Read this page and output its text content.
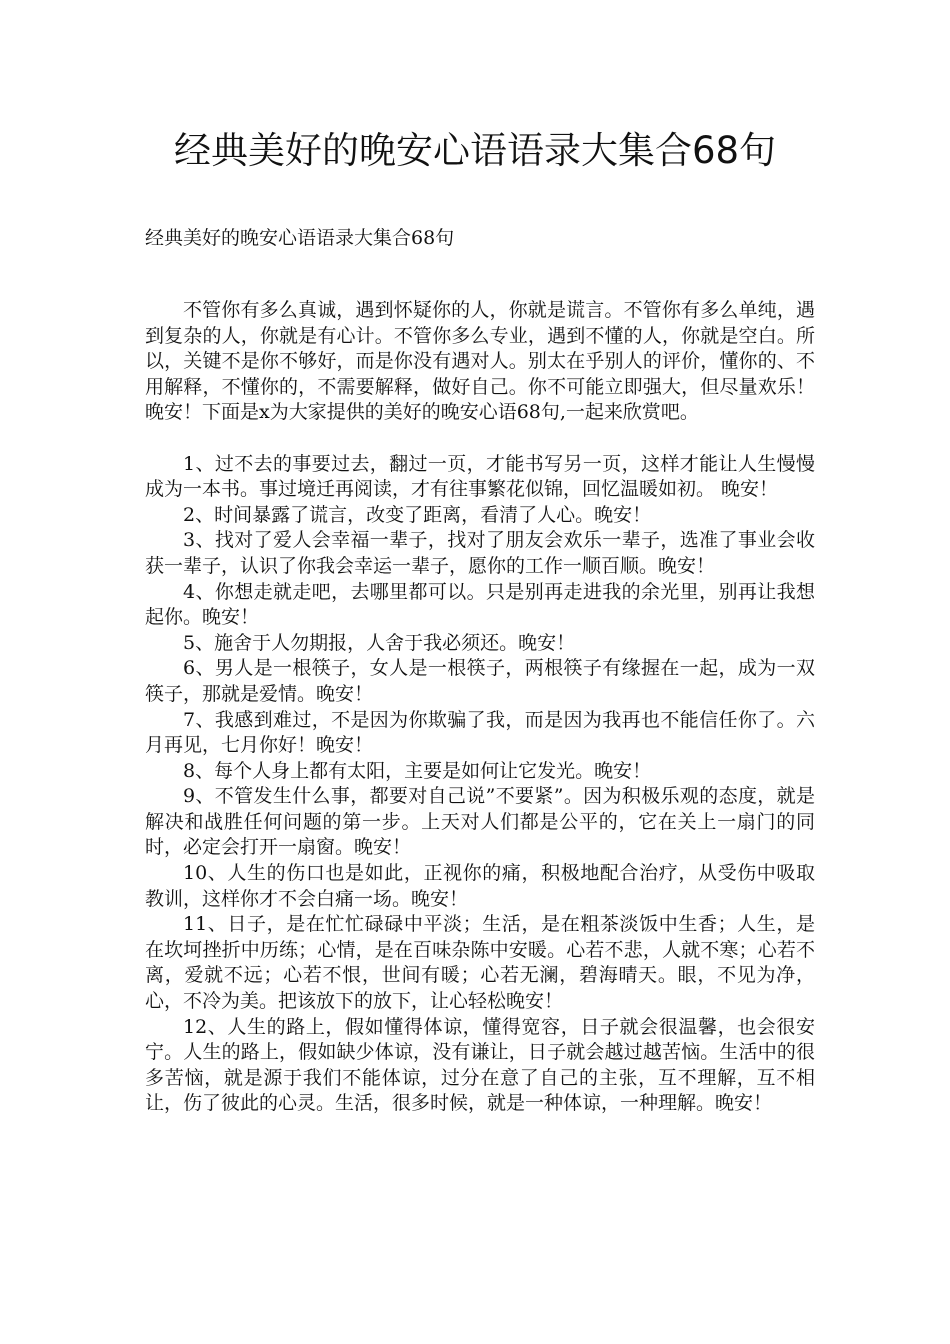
经典美好的晚安心语语录大集合68句

经典美好的晚安心语语录大集合68句

不管你有多么真诚，遇到怀疑你的人，你就是谎言。不管你有多么单纯，遇到复杂的人，你就是有心计。不管你多么专业，遇到不懂的人，你就是空白。所以，关键不是你不够好，而是你没有遇对人。别太在乎别人的评价，懂你的、不用解释，不懂你的，不需要解释，做好自己。你不可能立即强大，但尽量欢乐！晚安！下面是x为大家提供的美好的晚安心语68句,一起来欣赏吧。

1、过不去的事要过去，翻过一页，才能书写另一页，这样才能让人生慢慢成为一本书。事过境迁再阅读，才有往事繁花似锦，回忆温暖如初。 晚安！

2、时间暴露了谎言，改变了距离，看清了人心。晚安！

3、找对了爱人会幸福一辈子，找对了朋友会欢乐一辈子，选准了事业会收获一辈子，认识了你我会幸运一辈子，愿你的工作一顺百顺。晚安！

4、你想走就走吧，去哪里都可以。只是别再走进我的余光里，别再让我想起你。晚安！

5、施舍于人勿期报，人舍于我必须还。晚安！

6、男人是一根筷子，女人是一根筷子，两根筷子有缘握在一起，成为一双筷子，那就是爱情。晚安！

7、我感到难过，不是因为你欺骗了我，而是因为我再也不能信任你了。六月再见，七月你好！晚安！

8、每个人身上都有太阳，主要是如何让它发光。晚安！

9、不管发生什么事，都要对自己说”不要紧”。因为积极乐观的态度，就是解决和战胜任何问题的第一步。上天对人们都是公平的，它在关上一扇门的同时，必定会打开一扇窗。晚安！

10、人生的伤口也是如此，正视你的痛，积极地配合治疗，从受伤中吸取教训，这样你才不会白痛一场。晚安！

11、日子，是在忙忙碌碌中平淡；生活，是在粗茶淡饭中生香；人生，是在坎坷挫折中历练；心情，是在百味杂陈中安暖。心若不悲，人就不寒；心若不离，爱就不远；心若不恨，世间有暖；心若无澜，碧海晴天。眼，不见为净，心，不冷为美。把该放下的放下，让心轻松晚安！

12、人生的路上，假如懂得体谅，懂得宽容，日子就会很温馨，也会很安宁。人生的路上，假如缺少体谅，没有谦让，日子就会越过越苦恼。生活中的很多苦恼，就是源于我们不能体谅，过分在意了自己的主张，互不理解，互不相让，伤了彼此的心灵。生活，很多时候，就是一种体谅，一种理解。晚安！
